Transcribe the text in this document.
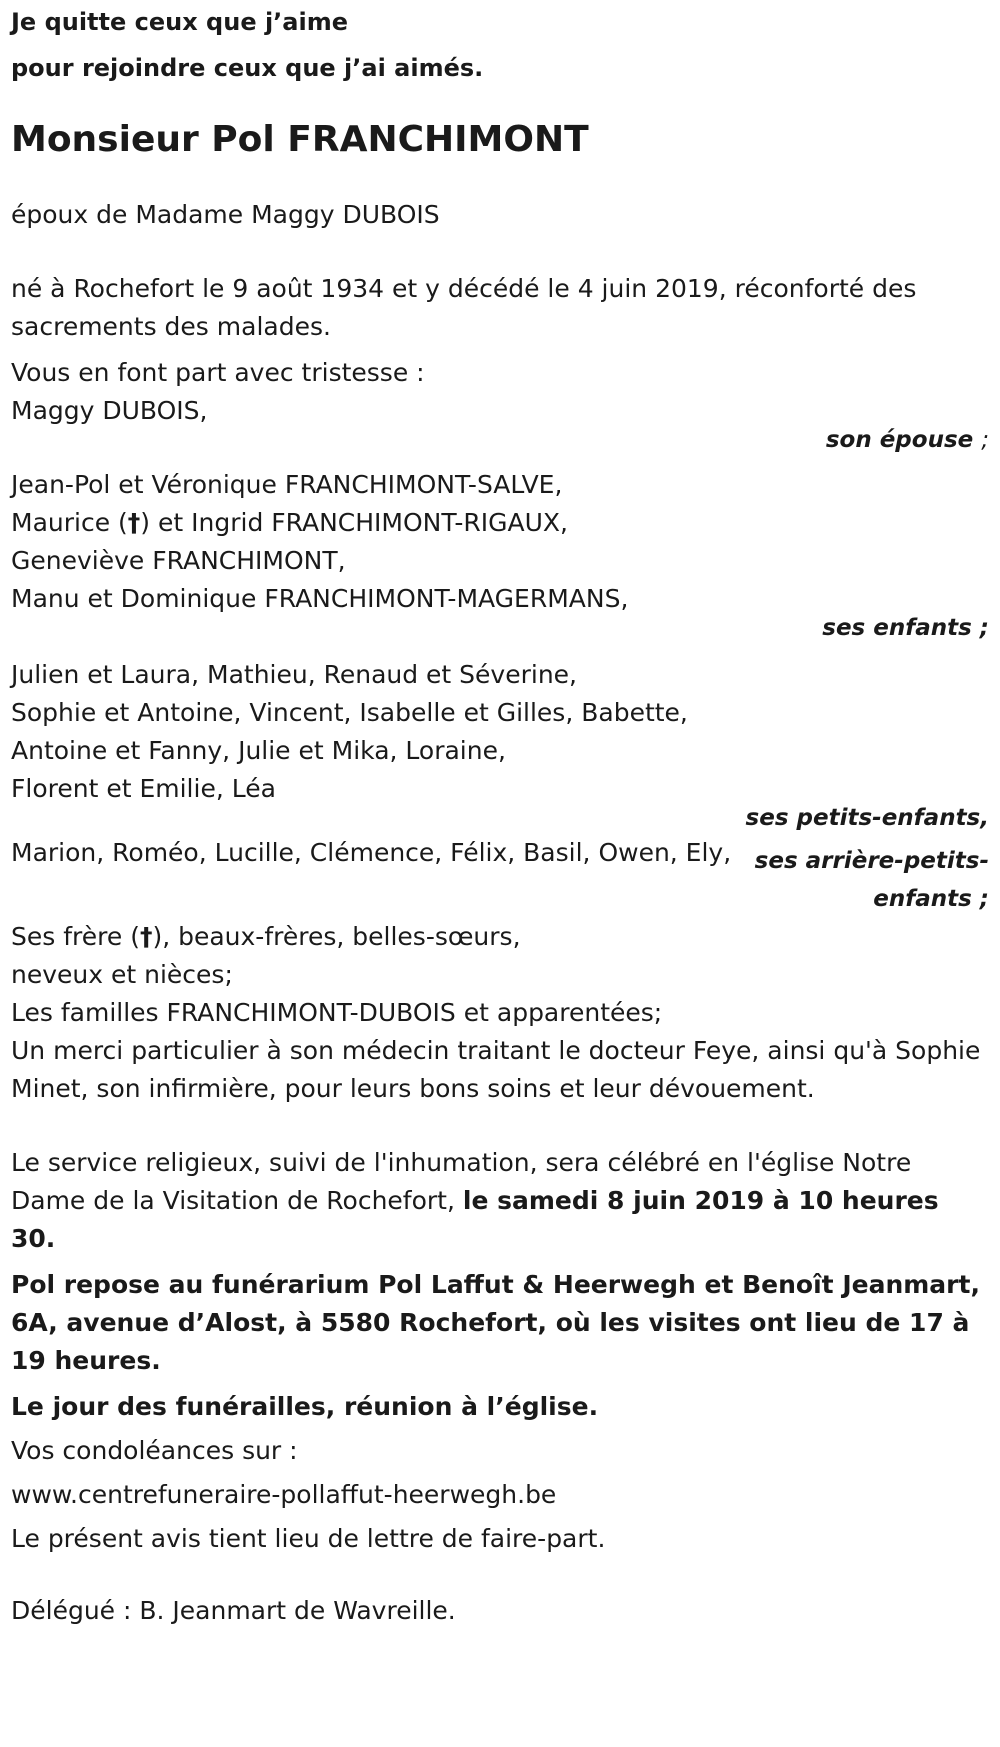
Je quitte ceux que j’aime
pour rejoindre ceux que j’ai aimés.
Monsieur Pol FRANCHIMONT
époux de Madame Maggy DUBOIS
né à Rochefort le 9 août 1934 et y décédé le 4 juin 2019, réconforté des sacrements des malades.
Vous en font part avec tristesse :
Maggy DUBOIS,
son épouse ;
Jean-Pol et Véronique FRANCHIMONT-SALVE,
Maurice (†) et Ingrid FRANCHIMONT-RIGAUX,
Geneviève FRANCHIMONT,
Manu et Dominique FRANCHIMONT-MAGERMANS,
ses enfants ;
Julien et Laura, Mathieu, Renaud et Séverine,
Sophie et Antoine, Vincent, Isabelle et Gilles, Babette,
Antoine et Fanny, Julie et Mika, Loraine,
Florent et Emilie, Léa
ses petits-enfants,
Marion, Roméo, Lucille, Clémence, Félix, Basil, Owen, Ely, ses arrière-petits-
enfants ;
Ses frère (†), beaux-frères, belles-sœurs,
neveux et nièces;
Les familles FRANCHIMONT-DUBOIS et apparentées;
Un merci particulier à son médecin traitant le docteur Feye, ainsi qu'à Sophie Minet, son infirmière, pour leurs bons soins et leur dévouement.
Le service religieux, suivi de l'inhumation, sera célébré en l'église Notre Dame de la Visitation de Rochefort, le samedi 8 juin 2019 à 10 heures 30.
Pol repose au funérarium Pol Laffut & Heerwegh et Benoît Jeanmart, 6A, avenue d’Alost, à 5580 Rochefort, où les visites ont lieu de 17 à 19 heures.
Le jour des funérailles, réunion à l’église.
Vos condoléances sur :
www.centrefuneraire-pollaffut-heerwegh.be
Le présent avis tient lieu de lettre de faire-part.
Délégué : B. Jeanmart de Wavreille.
